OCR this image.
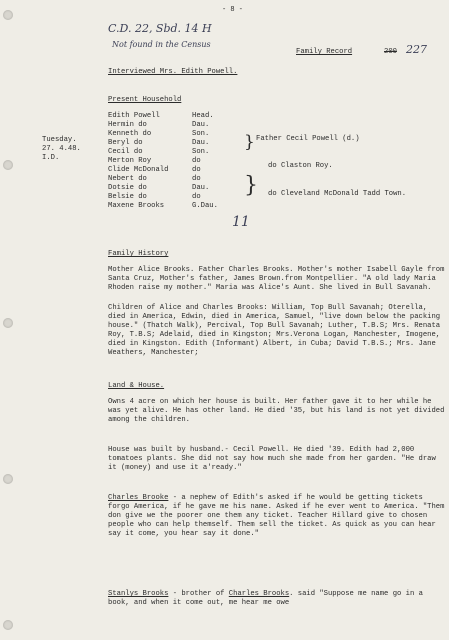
- 8 -
C.D. 22, Sbd. 14 H
Not found in the Census
Family Record	200 227
Interviewed Mrs. Edith Powell.
Present Household
Tuesday.
27. 4.48.
I.D.
Edith Powell	Head.
Hermin do	Dau.
Kenneth do	Son.
Beryl do	Dau.
Cecil do	Son.
Merton Roy	do
Clide McDonald	do
Nebert do	do
Dotsie do	Dau.
Belsie do	do
Maxene Brooks	G.Dau.
}
}
Father Cecil Powell (d.)
do Claston Roy.
do Cleveland McDonald Tadd Town.
11
Family History
Mother Alice Brooks. Father Charles Brooks. Mother's mother Isabell Gayle from Santa Cruz, Mother's father, James Brown.from Montpellier. "A old lady Maria Rhoden raise my mother." Maria was Alice's Aunt. She lived in Bull Savanah.
Children of Alice and Charles Brooks: William, Top Bull Savanah; Oterella, died in America, Edwin, died in America, Samuel, "live down below the packing house." (Thatch Walk), Percival, Top Bull Savanah; Luther, T.B.S; Mrs. Renata Roy, T.B.S; Adelaid, died in Kingston; Mrs.Verona Logan, Manchester, Imogene, died in Kingston. Edith (Informant) Albert, in Cuba; David T.B.S.; Mrs. Jane Weathers, Manchester;
Land & House.
Owns 4 acre on which her house is built. Her father gave it to her while he was yet alive. He has other land. He died '35, but his land is not yet divided among the children.
House was built by husband.- Cecil Powell. He died '39. Edith had 2,000 tomatoes plants. She did not say how much she made from her garden. "He draw it (money) and use it a'ready."
Charles Brooke - a nephew of Edith's asked if he would be getting tickets forgo America, if he gave me his name. Asked if he ever went to America. "Them don give we the poorer one them any ticket. Teacher Hillard give to chosen people who can help themself. Them sell the ticket. As quick as you can hear say it come, you hear say it done."
Stanlys Brooks - brother of Charles Brooks. said "Suppose me name go in a book, and when it come out, me hear me owe
